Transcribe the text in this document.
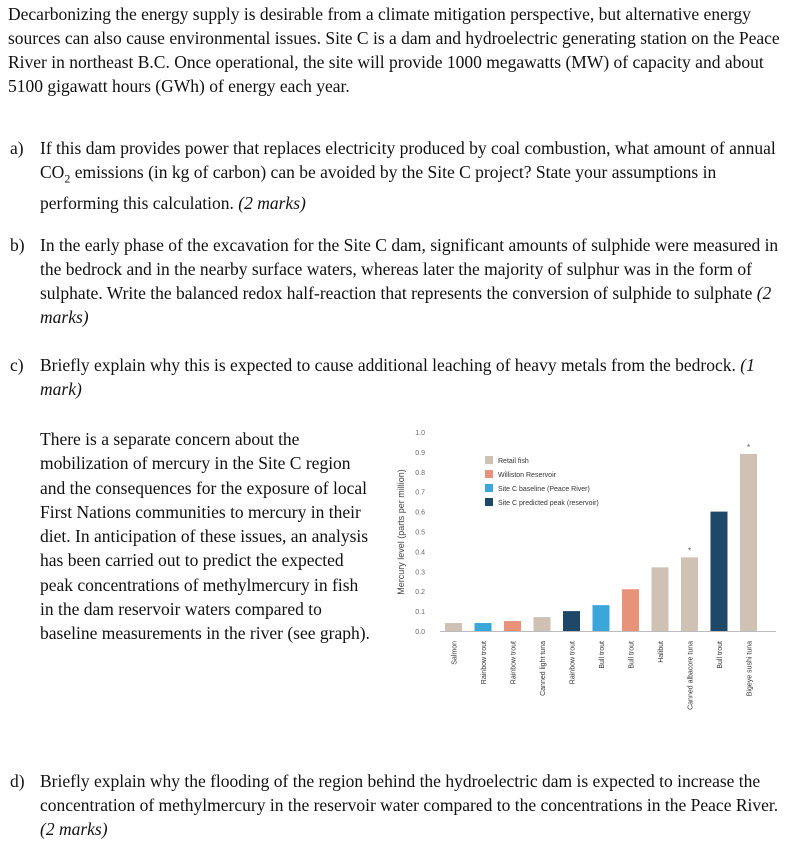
Decarbonizing the energy supply is desirable from a climate mitigation perspective, but alternative energy sources can also cause environmental issues. Site C is a dam and hydroelectric generating station on the Peace River in northeast B.C. Once operational, the site will provide 1000 megawatts (MW) of capacity and about 5100 gigawatt hours (GWh) of energy each year.
a) If this dam provides power that replaces electricity produced by coal combustion, what amount of annual $CO_2$ emissions (in kg of carbon) can be avoided by the Site C project? State your assumptions in performing this calculation. (2 marks)
b) In the early phase of the excavation for the Site C dam, significant amounts of sulphide were measured in the bedrock and in the nearby surface waters, whereas later the majority of sulphur was in the form of sulphate. Write the balanced redox half-reaction that represents the conversion of sulphide to sulphate (2 marks)
c) Briefly explain why this is expected to cause additional leaching of heavy metals from the bedrock. (1 mark)
There is a separate concern about the mobilization of mercury in the Site C region and the consequences for the exposure of local First Nations communities to mercury in their diet. In anticipation of these issues, an analysis has been carried out to predict the expected peak concentrations of methylmercury in fish in the dam reservoir waters compared to baseline measurements in the river (see graph).
Mercury level (parts per million)
0.0
0.1
0.2
0.3
0.4
0.5
0.6
0.7
0.8
0.9
1.0
Salmon	Rainbow trout	Rainbow trout	Canned light tuna	Rainbow trout	Bull trout	Bull trout	Halibut
*
Canned albacore tuna	Bull trout
*
Bigeye sushi tuna
Retail fish
Williston Reservoir
Site C baseline (Peace River)
Site C predicted peak (reservoir)
d) Briefly explain why the flooding of the region behind the hydroelectric dam is expected to increase the concentration of methylmercury in the reservoir water compared to the concentrations in the Peace River. (2 marks)
